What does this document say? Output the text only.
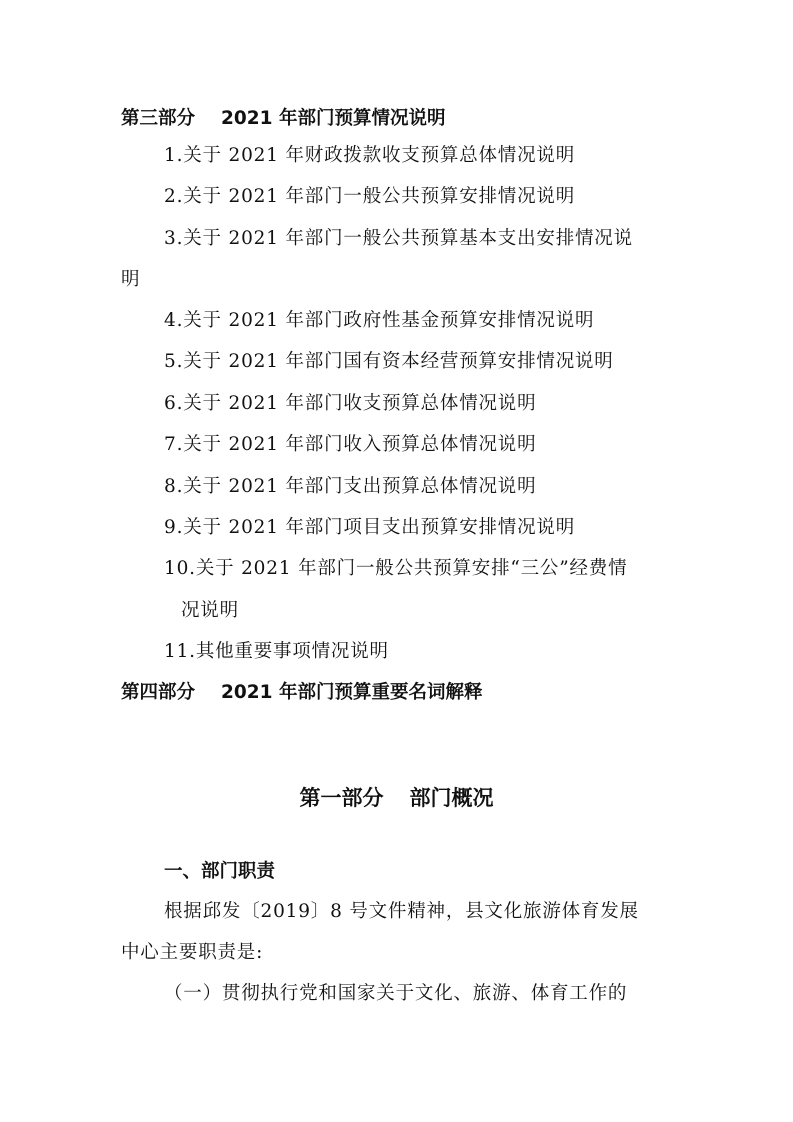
第三部分 2021 年部门预算情况说明
1.关于 2021 年财政拨款收支预算总体情况说明
2.关于 2021 年部门一般公共预算安排情况说明
3.关于 2021 年部门一般公共预算基本支出安排情况说
明
4.关于 2021 年部门政府性基金预算安排情况说明
5.关于 2021 年部门国有资本经营预算安排情况说明
6.关于 2021 年部门收支预算总体情况说明
7.关于 2021 年部门收入预算总体情况说明
8.关于 2021 年部门支出预算总体情况说明
9.关于 2021 年部门项目支出预算安排情况说明
10.关于 2021 年部门一般公共预算安排“三公”经费情
况说明
11.其他重要事项情况说明
第四部分 2021 年部门预算重要名词解释
第一部分 部门概况
一、部门职责
根据邱发〔2019〕8 号文件精神，县文化旅游体育发展
中心主要职责是:
（一）贯彻执行党和国家关于文化、旅游、体育工作的
